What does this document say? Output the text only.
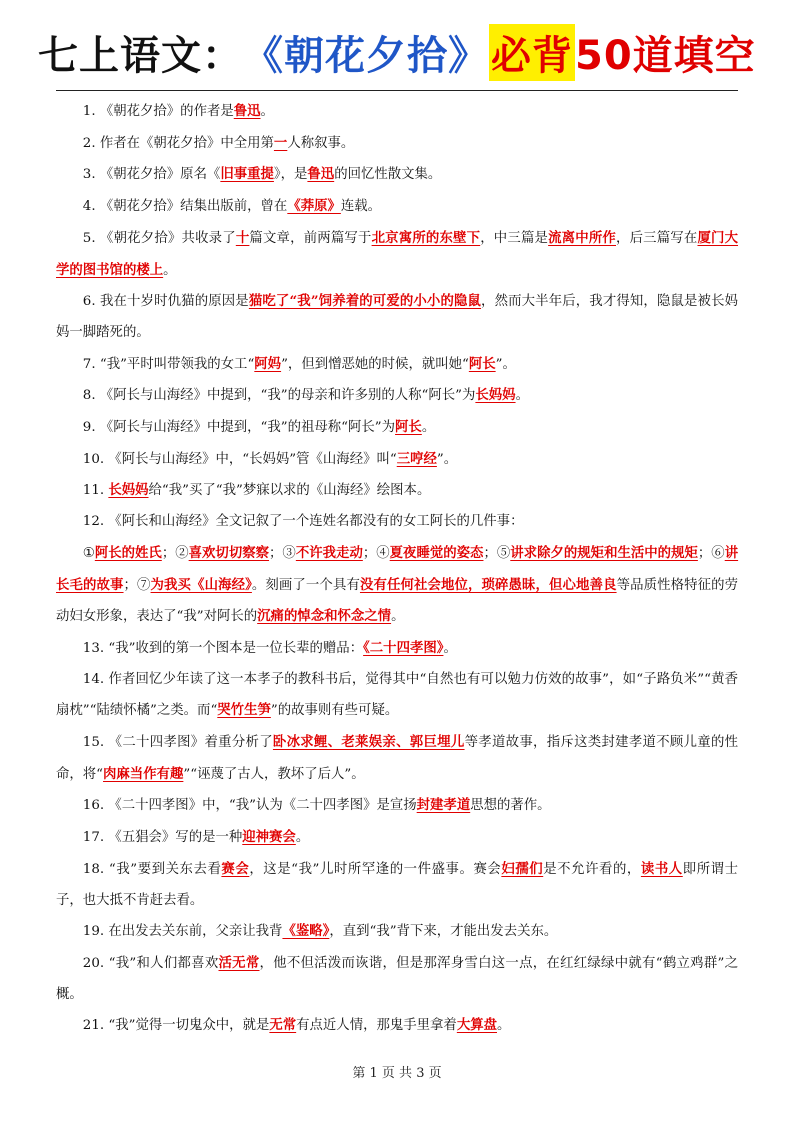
七上语文： 《朝花夕拾》 必背 50道填空

1. 《朝花夕拾》的作者是鲁迅。

2. 作者在《朝花夕拾》中全用第一人称叙事。

3. 《朝花夕拾》原名《旧事重提》，是鲁迅的回忆性散文集。

4. 《朝花夕拾》结集出版前，曾在《莽原》连载。

5. 《朝花夕拾》共收录了十篇文章，前两篇写于北京寓所的东壁下，中三篇是流离中所作，后三篇写在厦门大学的图书馆的楼上。

6. 我在十岁时仇猫的原因是猫吃了“我”饲养着的可爱的小小的隐鼠，然而大半年后，我才得知，隐鼠是被长妈妈一脚踏死的。

7. “我”平时叫带领我的女工“阿妈”，但到憎恶她的时候，就叫她“阿长”。

8. 《阿长与山海经》中提到，“我”的母亲和许多别的人称“阿长”为长妈妈。

9. 《阿长与山海经》中提到，“我”的祖母称“阿长”为阿长。

10. 《阿长与山海经》中，“长妈妈”管《山海经》叫“三哼经”。

11. 长妈妈给“我”买了“我”梦寐以求的《山海经》绘图本。

12. 《阿长和山海经》全文记叙了一个连姓名都没有的女工阿长的几件事：

①阿长的姓氏；②喜欢切切察察；③不许我走动；④夏夜睡觉的姿态；⑤讲求除夕的规矩和生活中的规矩；⑥讲长毛的故事；⑦为我买《山海经》。刻画了一个具有没有任何社会地位，琐碎愚昧，但心地善良等品质性格特征的劳动妇女形象，表达了“我”对阿长的沉痛的悼念和怀念之情。

13. “我”收到的第一个图本是一位长辈的赠品：《二十四孝图》。

14. 作者回忆少年读了这一本孝子的教科书后，觉得其中“自然也有可以勉力仿效的故事”，如“子路负米”“黄香扇枕”“陆绩怀橘”之类。而“哭竹生笋”的故事则有些可疑。

15. 《二十四孝图》着重分析了卧冰求鲤、老莱娱亲、郭巨埋儿等孝道故事，指斥这类封建孝道不顾儿童的性命，将“肉麻当作有趣”“诬蔑了古人，教坏了后人”。

16. 《二十四孝图》中，“我”认为《二十四孝图》是宣扬封建孝道思想的著作。

17. 《五猖会》写的是一种迎神赛会。

18. “我”要到关东去看赛会，这是“我”儿时所罕逢的一件盛事。赛会妇孺们是不允许看的，读书人即所谓士子，也大抵不肯赶去看。

19. 在出发去关东前，父亲让我背《鉴略》，直到“我”背下来，才能出发去关东。

20. “我”和人们都喜欢活无常，他不但活泼而诙谐，但是那浑身雪白这一点，在红红绿绿中就有“鹤立鸡群”之概。

21. “我”觉得一切鬼众中，就是无常有点近人情，那鬼手里拿着大算盘。

第 1 页 共 3 页
